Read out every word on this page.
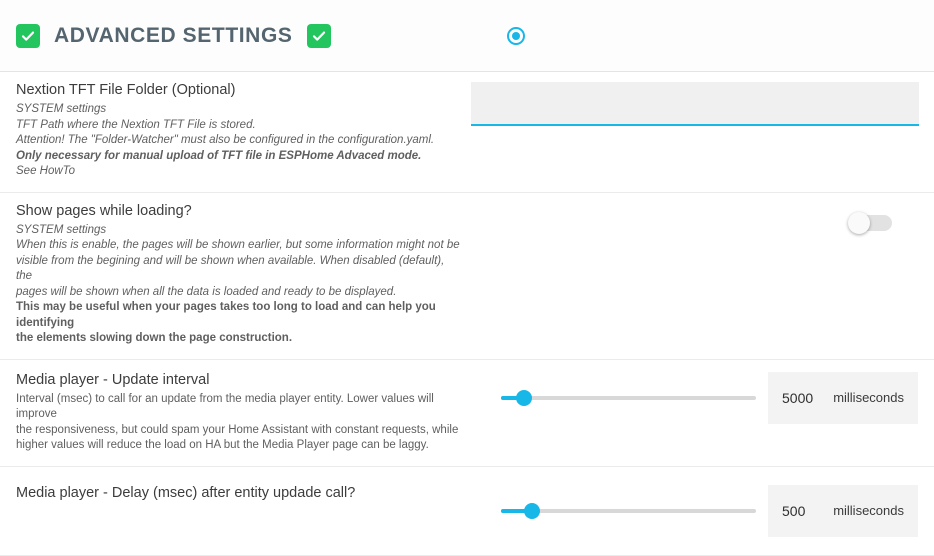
ADVANCED SETTINGS
Nextion TFT File Folder (Optional)
SYSTEM settings
TFT Path where the Nextion TFT File is stored.
Attention! The "Folder-Watcher" must also be configured in the configuration.yaml.
Only necessary for manual upload of TFT file in ESPHome Advaced mode.
See HowTo
Show pages while loading?
SYSTEM settings
When this is enable, the pages will be shown earlier, but some information might not be
visible from the begining and will be shown when available. When disabled (default), the
pages will be shown when all the data is loaded and ready to be displayed.
This may be useful when your pages takes too long to load and can help you identifying
the elements slowing down the page construction.
Media player - Update interval
Interval (msec) to call for an update from the media player entity. Lower values will improve
the responsiveness, but could spam your Home Assistant with constant requests, while
higher values will reduce the load on HA but the Media Player page can be laggy.
5000 milliseconds
Media player - Delay (msec) after entity updade call?
500 milliseconds
